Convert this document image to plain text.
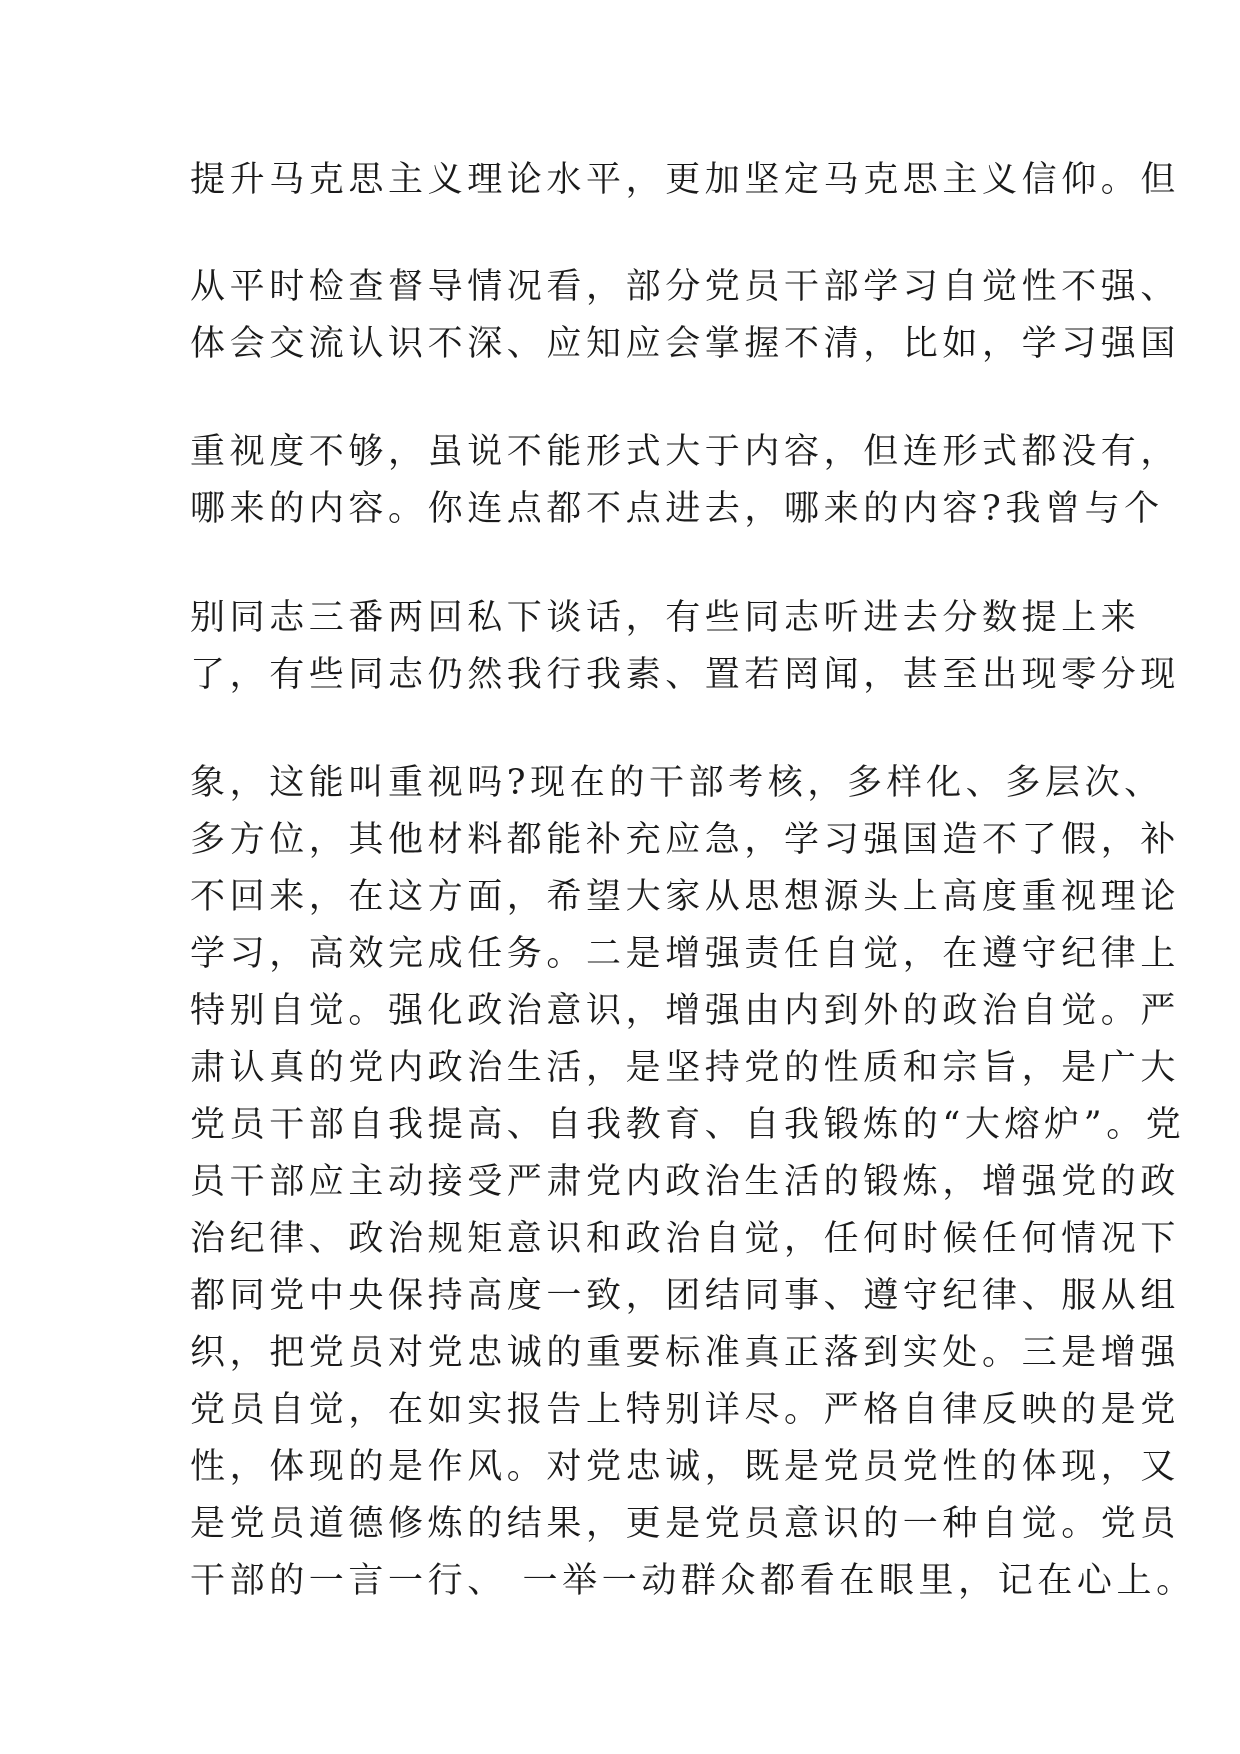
提升马克思主义理论水平，更加坚定马克思主义信仰。但
从平时检查督导情况看，部分党员干部学习自觉性不强、
体会交流认识不深、应知应会掌握不清，比如，学习强国
重视度不够，虽说不能形式大于内容，但连形式都没有，
哪来的内容。你连点都不点进去，哪来的内容?我曾与个
别同志三番两回私下谈话，有些同志听进去分数提上来
了，有些同志仍然我行我素、置若罔闻，甚至出现零分现
象，这能叫重视吗?现在的干部考核，多样化、多层次、
多方位，其他材料都能补充应急，学习强国造不了假，补
不回来，在这方面，希望大家从思想源头上高度重视理论
学习，高效完成任务。二是增强责任自觉，在遵守纪律上
特别自觉。强化政治意识，增强由内到外的政治自觉。严
肃认真的党内政治生活，是坚持党的性质和宗旨，是广大
党员干部自我提高、自我教育、自我锻炼的“大熔炉”。党
员干部应主动接受严肃党内政治生活的锻炼，增强党的政
治纪律、政治规矩意识和政治自觉，任何时候任何情况下
都同党中央保持高度一致，团结同事、遵守纪律、服从组
织，把党员对党忠诚的重要标准真正落到实处。三是增强
党员自觉，在如实报告上特别详尽。严格自律反映的是党
性，体现的是作风。对党忠诚，既是党员党性的体现，又
是党员道德修炼的结果，更是党员意识的一种自觉。党员
干部的一言一行、 一举一动群众都看在眼里，记在心上。
